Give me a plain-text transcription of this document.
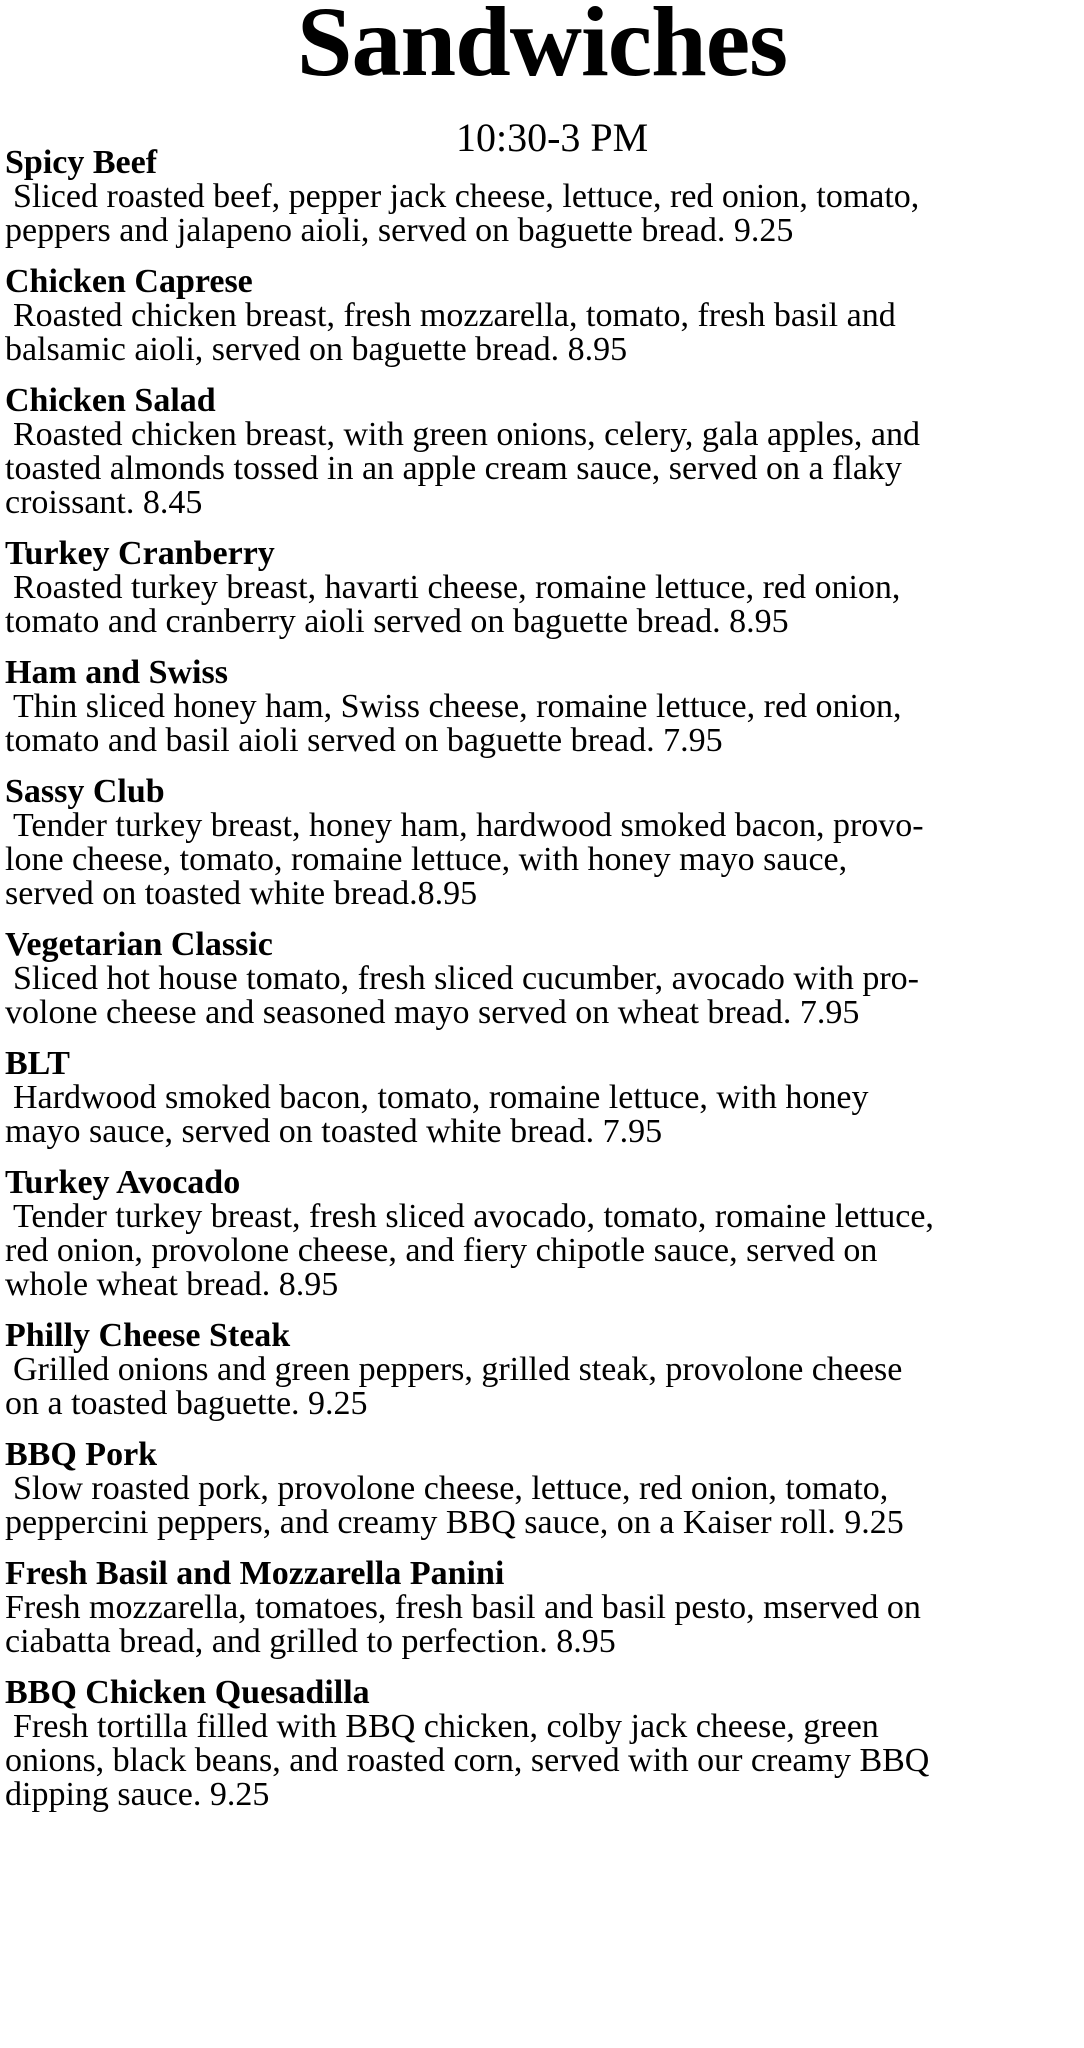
Sandwiches
10:30-3 PM
Spicy Beef
Sliced roasted beef, pepper jack cheese, lettuce, red onion, tomato,
peppers and jalapeno aioli, served on baguette bread. 9.25
Chicken Caprese
Roasted chicken breast, fresh mozzarella, tomato, fresh basil and
balsamic aioli, served on baguette bread. 8.95
Chicken Salad
Roasted chicken breast, with green onions, celery, gala apples, and
toasted almonds tossed in an apple cream sauce, served on a flaky
croissant. 8.45
Turkey Cranberry
Roasted turkey breast, havarti cheese, romaine lettuce, red onion,
tomato and cranberry aioli served on baguette bread. 8.95
Ham and Swiss
Thin sliced honey ham, Swiss cheese, romaine lettuce, red onion,
tomato and basil aioli served on baguette bread. 7.95
Sassy Club
Tender turkey breast, honey ham, hardwood smoked bacon, provo-
lone cheese, tomato, romaine lettuce, with honey mayo sauce,
served on toasted white bread.8.95
Vegetarian Classic
Sliced hot house tomato, fresh sliced cucumber, avocado with pro-
volone cheese and seasoned mayo served on wheat bread. 7.95
BLT
Hardwood smoked bacon, tomato, romaine lettuce, with honey
mayo sauce, served on toasted white bread. 7.95
Turkey Avocado
Tender turkey breast, fresh sliced avocado, tomato, romaine lettuce,
red onion, provolone cheese, and fiery chipotle sauce, served on
whole wheat bread. 8.95
Philly Cheese Steak
Grilled onions and green peppers, grilled steak, provolone cheese
on a toasted baguette. 9.25
BBQ Pork
Slow roasted pork, provolone cheese, lettuce, red onion, tomato,
peppercini peppers, and creamy BBQ sauce, on a Kaiser roll. 9.25
Fresh Basil and Mozzarella Panini
Fresh mozzarella, tomatoes, fresh basil and basil pesto, mserved on
ciabatta bread, and grilled to perfection. 8.95
BBQ Chicken Quesadilla
Fresh tortilla filled with BBQ chicken, colby jack cheese, green
onions, black beans, and roasted corn, served with our creamy BBQ
dipping sauce. 9.25
